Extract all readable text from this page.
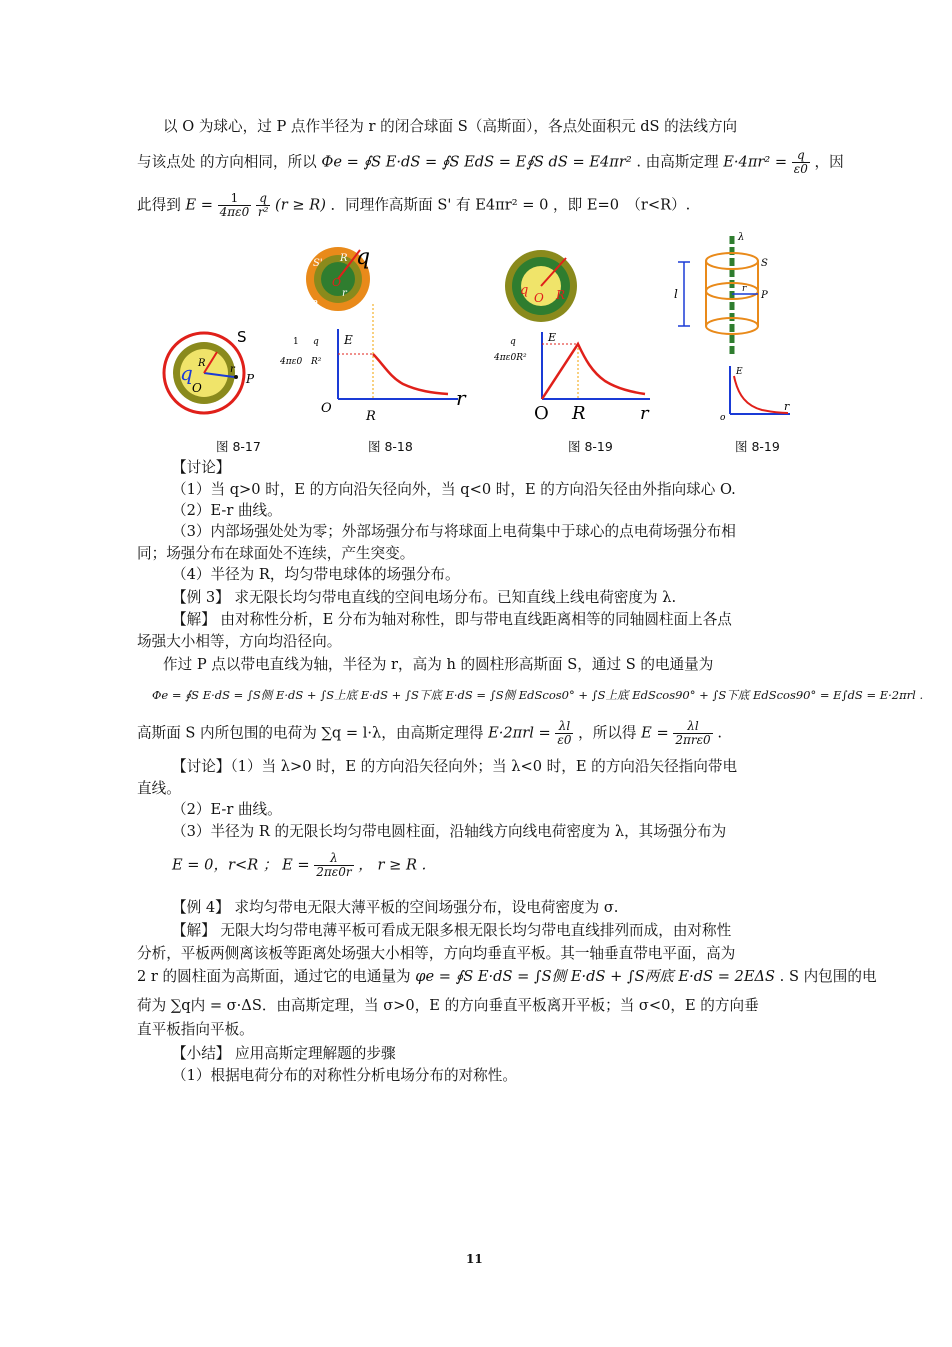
以 O 为球心，过 P 点作半径为 r 的闭合球面 S（高斯面），各点处面积元 dS 的法线方向
与该点处 的方向相同，所以 Φe = ∮S E·dS = ∮S EdS = E∮S dS = E4πr² . 由高斯定理 $E\cdot 4\pi r^2 = \frac{q}{\varepsilon 0}$ ，因
此得到 $E = \frac{1}{4\pi\varepsilon 0}$
$\frac{q}{\text{r²}} (r \ge R)$ ．同理作高斯面 S' 有 E4πr² = 0 ，即 E=0　（r<R）.
S
q R
P
O
r
图 8-17
q
S' R
O
r
P
E
1
4πε0
q
R²
O
R
r
图 8-18
q O R
E
q
4πε0R²
O R	r
图 8-19
λ
S
l	r
P
E
o
r
图 8-19
【讨论】
（1）当 q>0 时，E 的方向沿矢径向外，当 q<0 时，E 的方向沿矢径由外指向球心 O.
（2）E-r 曲线。
（3）内部场强处处为零；外部场强分布与将球面上电荷集中于球心的点电荷场强分布相
同；场强分布在球面处不连续，产生突变。
（4）半径为 R，均匀带电球体的场强分布。
【例 3】 求无限长均匀带电直线的空间电场分布。已知直线上线电荷密度为 λ.
【解】 由对称性分析，E 分布为轴对称性，即与带电直线距离相等的同轴圆柱面上各点
场强大小相等，方向均沿径向。
作过 P 点以带电直线为轴，半径为 r，高为 h 的圆柱形高斯面 S，通过 S 的电通量为
Φe = ∮S E·dS = ∫S侧 E·dS + ∫S上底 E·dS + ∫S下底 E·dS = ∫S侧 EdScos0° + ∫S上底 EdScos90° + ∫S下底 EdScos90° = E∫dS = E·2πrl .
高斯面 S 内所包围的电荷为 ∑q = l·λ，由高斯定理得 $E\cdot 2\pi rl = \frac{\lambda l}{\varepsilon 0}$ ，所以得 $E = \frac{\lambda l}{\text{2πrε0}}$ .
【讨论】（1）当 λ>0 时，E 的方向沿矢径向外；当 λ<0 时，E 的方向沿矢径指向带电
直线。
（2）E-r 曲线。
（3）半径为 R 的无限长均匀带电圆柱面，沿轴线方向线电荷密度为 λ，其场强分布为
E = 0，r<R ； $E = \frac{\lambda}{2\pi\varepsilon 0r}$ ， r ≥ R .
【例 4】 求均匀带电无限大薄平板的空间场强分布，设电荷密度为 σ.
【解】 无限大均匀带电薄平板可看成无限多根无限长均匀带电直线排列而成，由对称性
分析，平板两侧离该板等距离处场强大小相等，方向均垂直平板。其一轴垂直带电平面，高为
2 r 的圆柱面为高斯面，通过它的电通量为 φe = ∮S E·dS = ∫S侧 E·dS + ∫S两底 E·dS = 2EΔS . S 内包围的电
荷为 ∑q内 = σ·ΔS．由高斯定理，当 σ>0，E 的方向垂直平板离开平板；当 σ<0，E 的方向垂
直平板指向平板。
【小结】 应用高斯定理解题的步骤
（1）根据电荷分布的对称性分析电场分布的对称性。
11
